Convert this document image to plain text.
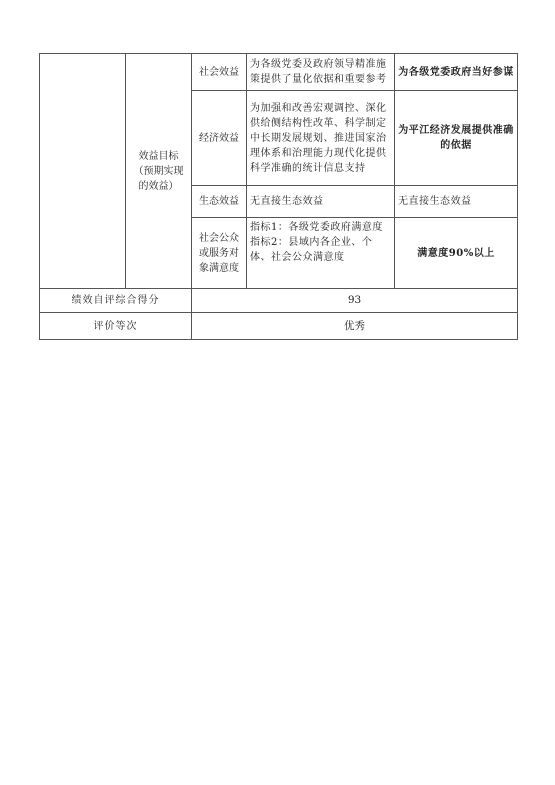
	效益目标（预期实现的效益）	社会效益	为各级党委及政府领导精准施策提供了量化依据和重要参考	为各级党委政府当好参谋
		经济效益	为加强和改善宏观调控、深化供给侧结构性改革、科学制定中长期发展规划、推进国家治理体系和治理能力现代化提供科学准确的统计信息支持	为平江经济发展提供准确的依据
		生态效益	无直接生态效益	无直接生态效益
		社会公众或服务对象满意度	指标1：各级党委政府满意度
指标2：县域内各企业、个体、社会公众满意度	满意度90%以上
绩效自评综合得分		93		
评价等次		优秀		
